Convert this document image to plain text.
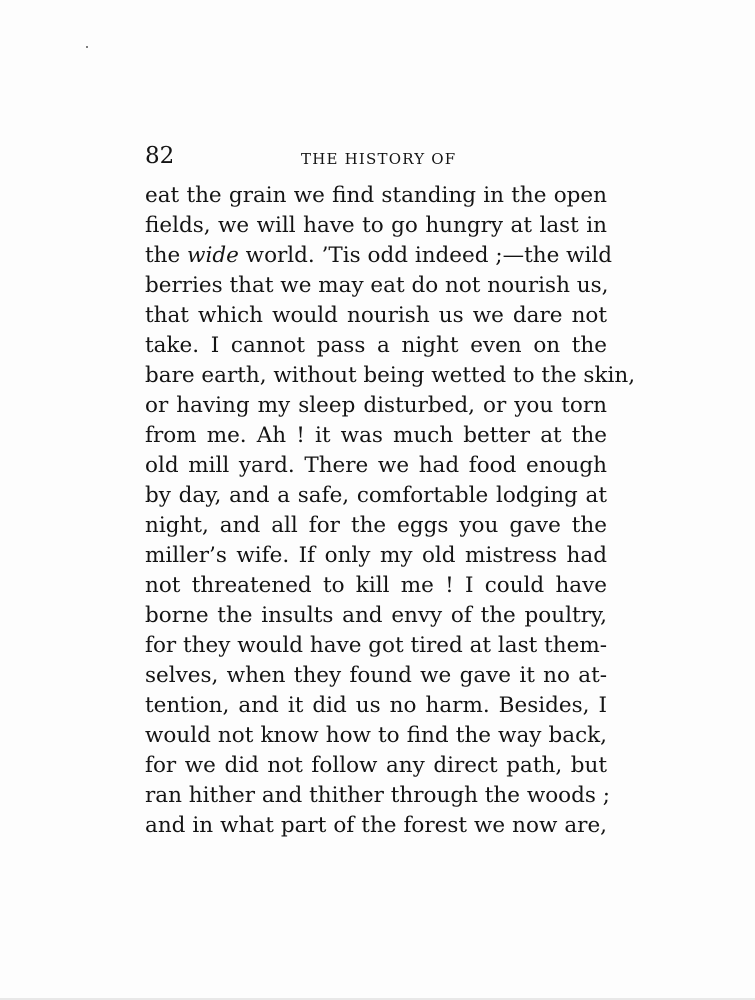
82	THE HISTORY OF
eat the grain we find standing in the open
fields, we will have to go hungry at last in
the wide world. ’Tis odd indeed ;—the wild
berries that we may eat do not nourish us,
that which would nourish us we dare not
take. I cannot pass a night even on the
bare earth, without being wetted to the skin,
or having my sleep disturbed, or you torn
from me. Ah ! it was much better at the
old mill yard. There we had food enough
by day, and a safe, comfortable lodging at
night, and all for the eggs you gave the
miller’s wife. If only my old mistress had
not threatened to kill me ! I could have
borne the insults and envy of the poultry,
for they would have got tired at last them-
selves, when they found we gave it no at-
tention, and it did us no harm. Besides, I
would not know how to find the way back,
for we did not follow any direct path, but
ran hither and thither through the woods ;
and in what part of the forest we now are,
